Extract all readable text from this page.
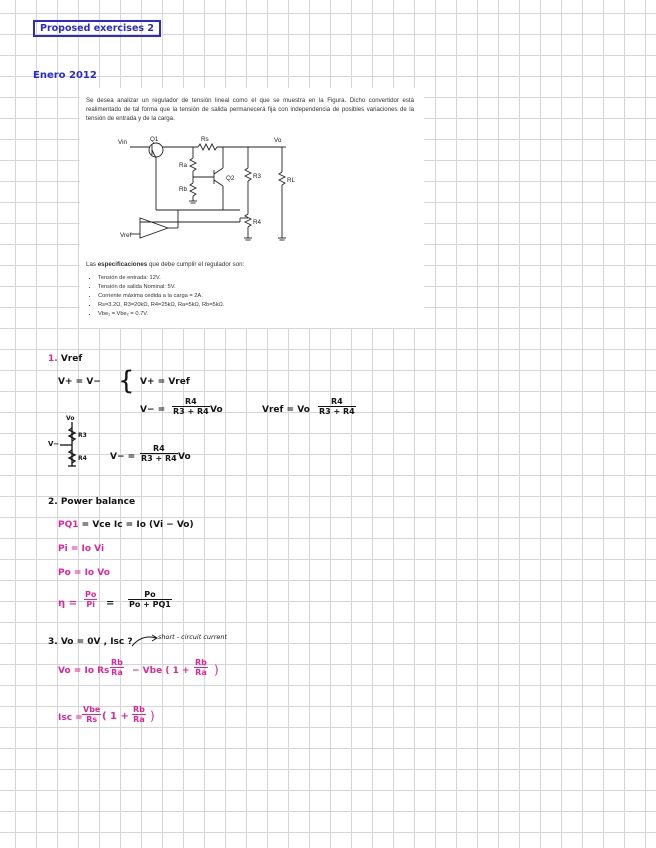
Proposed exercises 2
Enero 2012
Se desea analizar un regulador de tensión lineal como el que se muestra en la Figura. Dicho convertidor está realimentado de tal forma que la tensión de salida permanecerá fija con independencia de posibles variaciones de la tensión de entrada y de la carga.
Vin	Q1	Rs	Vo
Ra
Rb
Q2	R3
RL
R4
Vref
Las especificaciones que debe cumplir el regulador son:
• Tensión de entrada: 12V.
• Tensión de salida Nominal: 5V.
• Corriente máxima cedida a la carga = 2A.
• Rs=3.2Ω, R3=20kΩ, R4=25kΩ, Ra=5kΩ, Rb=5kΩ.
• Vbe₁ = Vbe₂ = 0.7V.
1. Vref
V+ = V− { V+ = Vref
$V- = \frac{R4}{R3 + R4}$ Vo	Vref = Vo $\frac{R4}{R3 + R4}$
Vo
R3
R4
V−
$V- = \frac{R4}{R3 + R4}$ Vo
2. Power balance
PQ1 = Vce Ic = Io (Vi − Vo)
Pi = Io Vi
Po = Io Vo
$\eta = \frac{Po}{Pi} = \frac{Po}{Po + PQ1}$
3. Vo = 0V , Isc ?	short - circuit current
Vo = Io Rs $\frac{Rb}{Ra}$ − Vbe ( $1 + \frac{Rb}{Ra}$ )
Isc =
Vbe
Rs ( $1 + \frac{Rb}{Ra}$ )
